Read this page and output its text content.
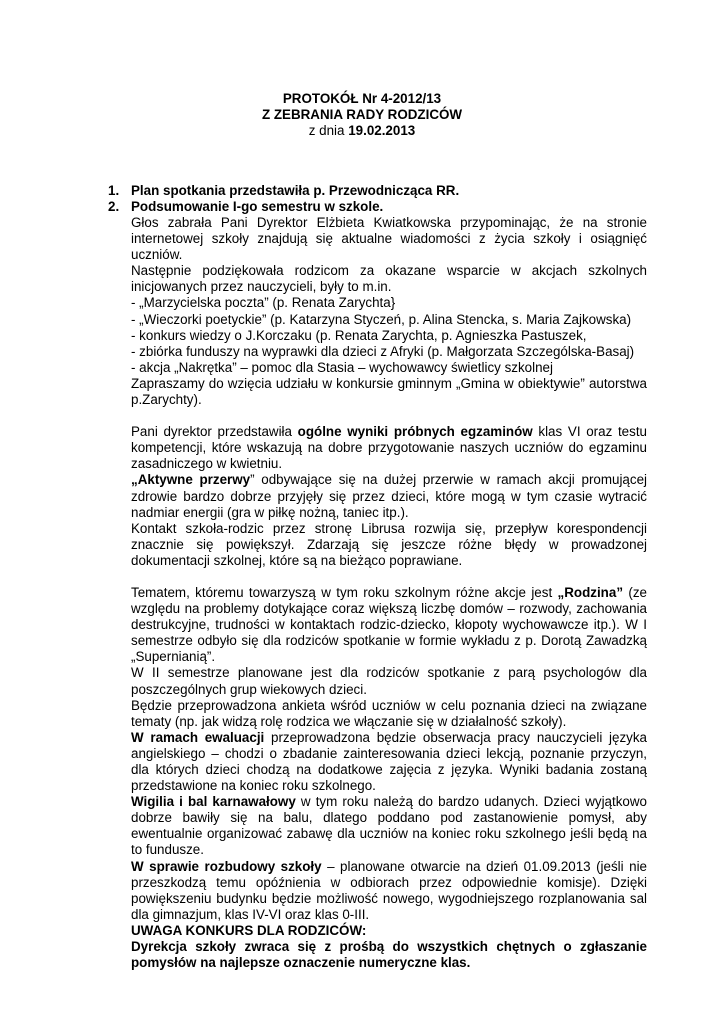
PROTOKÓŁ Nr 4-2012/13
Z ZEBRANIA RADY RODZICÓW
z dnia 19.02.2013
1. Plan spotkania przedstawiła p. Przewodnicząca RR.
2. Podsumowanie I-go semestru w szkole.
Głos zabrała Pani Dyrektor Elżbieta Kwiatkowska przypominając, że na stronie internetowej szkoły znajdują się aktualne wiadomości z życia szkoły i osiągnięć uczniów.
Następnie podziękowała rodzicom za okazane wsparcie w akcjach szkolnych inicjowanych przez nauczycieli, były to m.in.
- „Marzycielska poczta” (p. Renata Zarychta}
- „Wieczorki poetyckie” (p. Katarzyna Styczeń, p. Alina Stencka, s. Maria Zajkowska)
- konkurs wiedzy o J.Korczaku (p. Renata Zarychta, p. Agnieszka Pastuszek,
- zbiórka funduszy na wyprawki dla dzieci z Afryki (p. Małgorzata Szczególska-Basaj)
- akcja „Nakrętka” – pomoc dla Stasia – wychowawcy świetlicy szkolnej
Zapraszamy do wzięcia udziału w konkursie gminnym „Gmina w obiektywie” autorstwa p.Zarychty).
Pani dyrektor przedstawiła ogólne wyniki próbnych egzaminów klas VI oraz testu kompetencji, które wskazują na dobre przygotowanie naszych uczniów do egzaminu zasadniczego w kwietniu.
„Aktywne przerwy” odbywające się na dużej przerwie w ramach akcji promującej zdrowie bardzo dobrze przyjęły się przez dzieci, które mogą w tym czasie wytracić nadmiar energii (gra w piłkę nożną, taniec itp.).
Kontakt szkoła-rodzic przez stronę Librusa rozwija się, przepływ korespondencji znacznie się powiększył. Zdarzają się jeszcze różne błędy w prowadzonej dokumentacji szkolnej, które są na bieżąco poprawiane.
Tematem, któremu towarzyszą w tym roku szkolnym różne akcje jest „Rodzina” (ze względu na problemy dotykające coraz większą liczbę domów – rozwody, zachowania destrukcyjne, trudności w kontaktach rodzic-dziecko, kłopoty wychowawcze itp.). W I semestrze odbyło się dla rodziców spotkanie w formie wykładu z p. Dorotą Zawadzką „Supernianią”.
W II semestrze planowane jest dla rodziców spotkanie z parą psychologów dla poszczególnych grup wiekowych dzieci.
Będzie przeprowadzona ankieta wśród uczniów w celu poznania dzieci na związane tematy (np. jak widzą rolę rodzica we włączanie się w działalność szkoły).
W ramach ewaluacji przeprowadzona będzie obserwacja pracy nauczycieli języka angielskiego – chodzi o zbadanie zainteresowania dzieci lekcją, poznanie przyczyn, dla których dzieci chodzą na dodatkowe zajęcia z języka. Wyniki badania zostaną przedstawione na koniec roku szkolnego.
Wigilia i bal karnawałowy w tym roku należą do bardzo udanych. Dzieci wyjątkowo dobrze bawiły się na balu, dlatego poddano pod zastanowienie pomysł, aby ewentualnie organizować zabawę dla uczniów na koniec roku szkolnego jeśli będą na to fundusze.
W sprawie rozbudowy szkoły – planowane otwarcie na dzień 01.09.2013 (jeśli nie przeszkodzą temu opóźnienia w odbiorach przez odpowiednie komisje). Dzięki powiększeniu budynku będzie możliwość nowego, wygodniejszego rozplanowania sal dla gimnazjum, klas IV-VI oraz klas 0-III.
UWAGA KONKURS DLA RODZICÓW:
Dyrekcja szkoły zwraca się z prośbą do wszystkich chętnych o zgłaszanie pomysłów na najlepsze oznaczenie numeryczne klas.
